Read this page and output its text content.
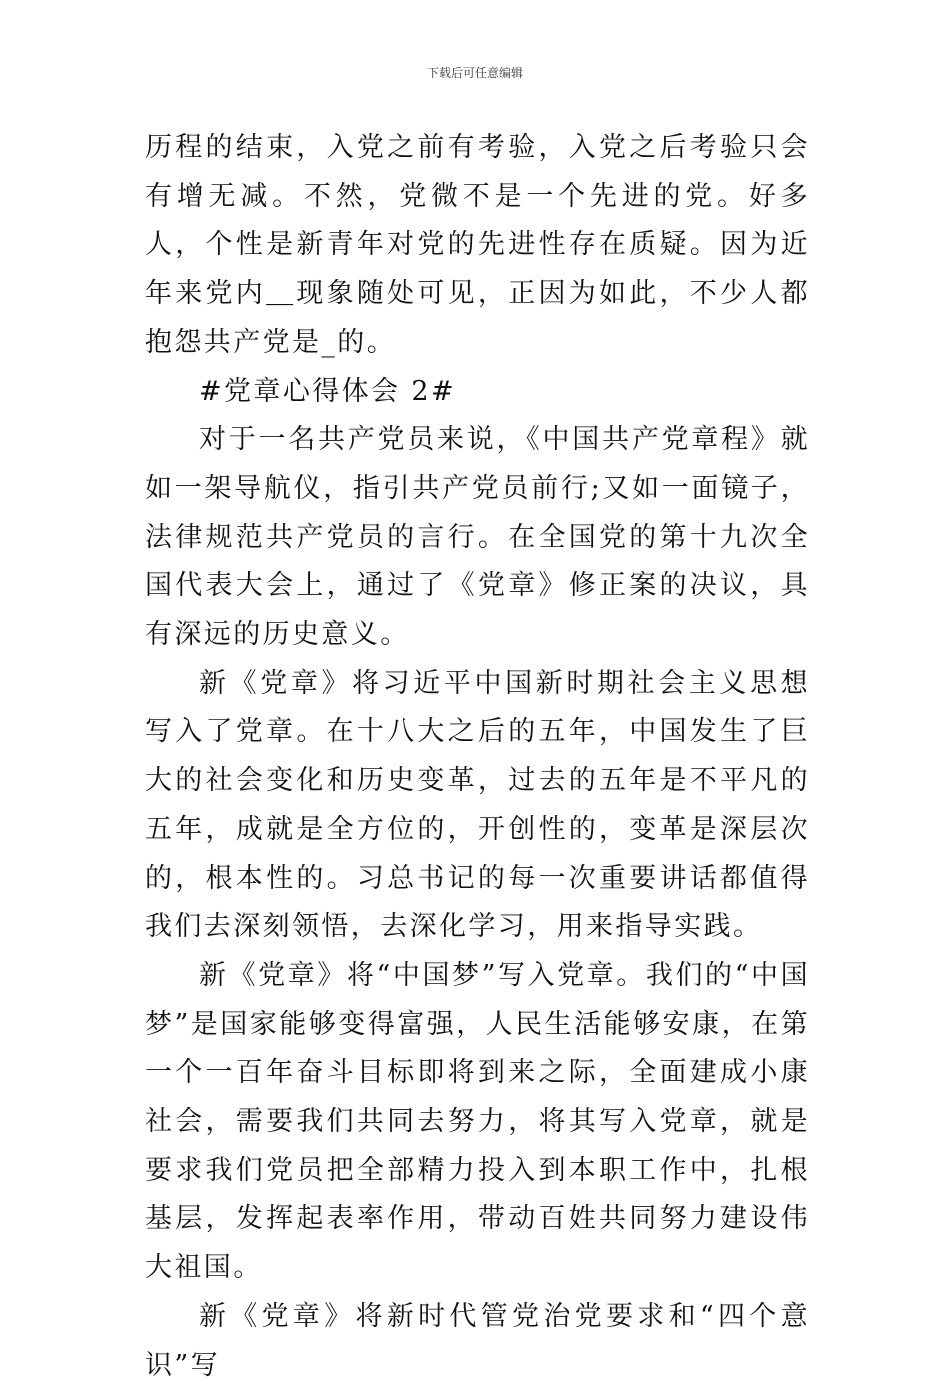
下载后可任意编辑

历程的结束，入党之前有考验，入党之后考验只会有增无减。不然，党微不是一个先进的党。好多人，个性是新青年对党的先进性存在质疑。因为近年来党内＿现象随处可见，正因为如此，不少人都抱怨共产党是_的。

#党章心得体会 2#

对于一名共产党员来说，《中国共产党章程》就如一架导航仪，指引共产党员前行;又如一面镜子，法律规范共产党员的言行。在全国党的第十九次全国代表大会上，通过了《党章》修正案的决议，具有深远的历史意义。

新《党章》将习近平中国新时期社会主义思想写入了党章。在十八大之后的五年，中国发生了巨大的社会变化和历史变革，过去的五年是不平凡的五年，成就是全方位的，开创性的，变革是深层次的，根本性的。习总书记的每一次重要讲话都值得我们去深刻领悟，去深化学习，用来指导实践。

新《党章》将“中国梦”写入党章。我们的“中国梦”是国家能够变得富强，人民生活能够安康，在第一个一百年奋斗目标即将到来之际，全面建成小康社会，需要我们共同去努力，将其写入党章，就是要求我们党员把全部精力投入到本职工作中，扎根基层，发挥起表率作用，带动百姓共同努力建设伟大祖国。

新《党章》将新时代管党治党要求和“四个意识”写
